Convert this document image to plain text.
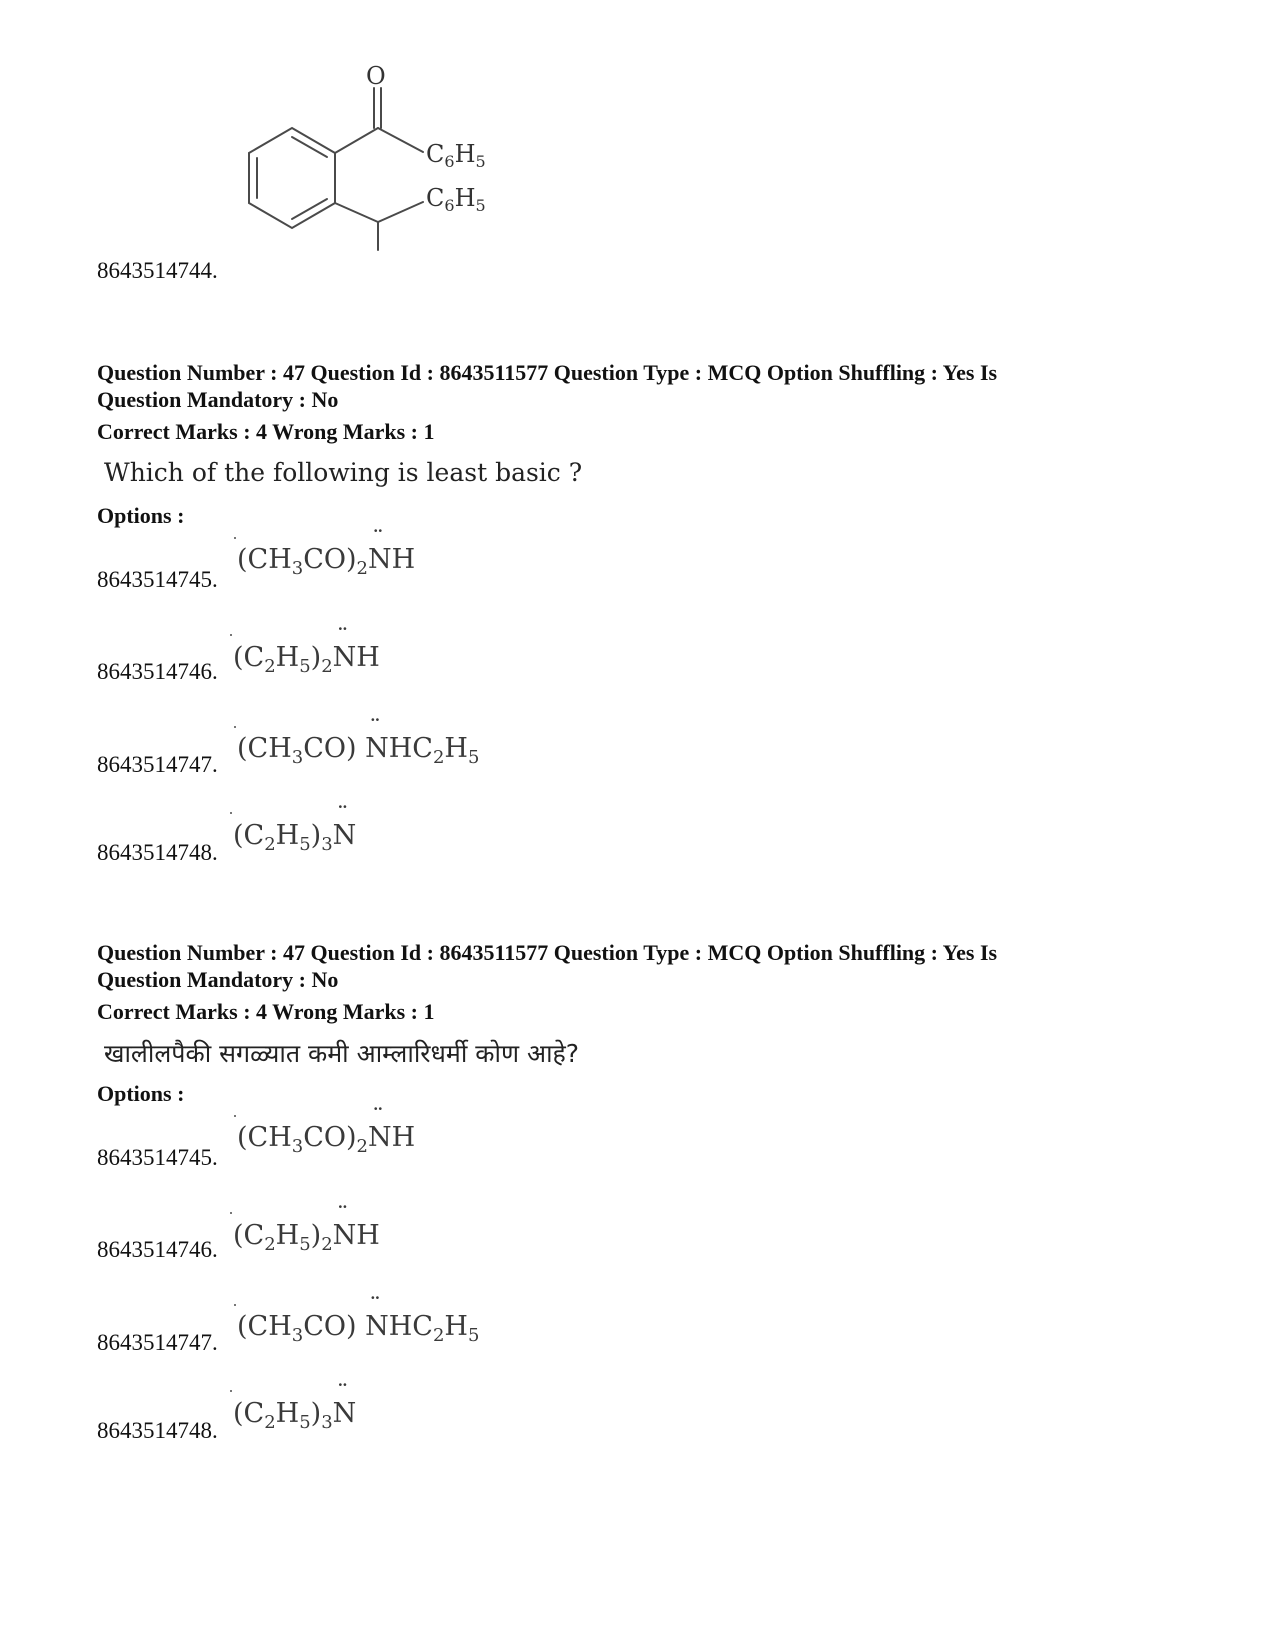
O
$C_6H_5$
$C_6H_5$
8643514744.
Question Number : 47 Question Id : 8643511577 Question Type : MCQ Option Shuffling : Yes Is
Question Mandatory : No
Correct Marks : 4 Wrong Marks : 1
Which of the following is least basic ?
Options :
8643514745.
$(CH_3CO)_2¨$ NH
8643514746. $(C_2H_5)_2¨$ NH
8643514747.
$(CH_3CO)$ ¨ $NHC_2H_5$
8643514748.
$(C_2H_5)_3¨$ N
Question Number : 47 Question Id : 8643511577 Question Type : MCQ Option Shuffling : Yes Is
Question Mandatory : No
Correct Marks : 4 Wrong Marks : 1
खालीलपैकी सगळ्यात कमी आम्लारिधर्मी कोण आहे?
Options :
8643514745.
$(CH_3CO)_2¨$ NH
8643514746. $(C_2H_5)_2¨$ NH
8643514747.
$(CH_3CO)$ ¨ $NHC_2H_5$
8643514748.
$(C_2H_5)_3¨$ N
